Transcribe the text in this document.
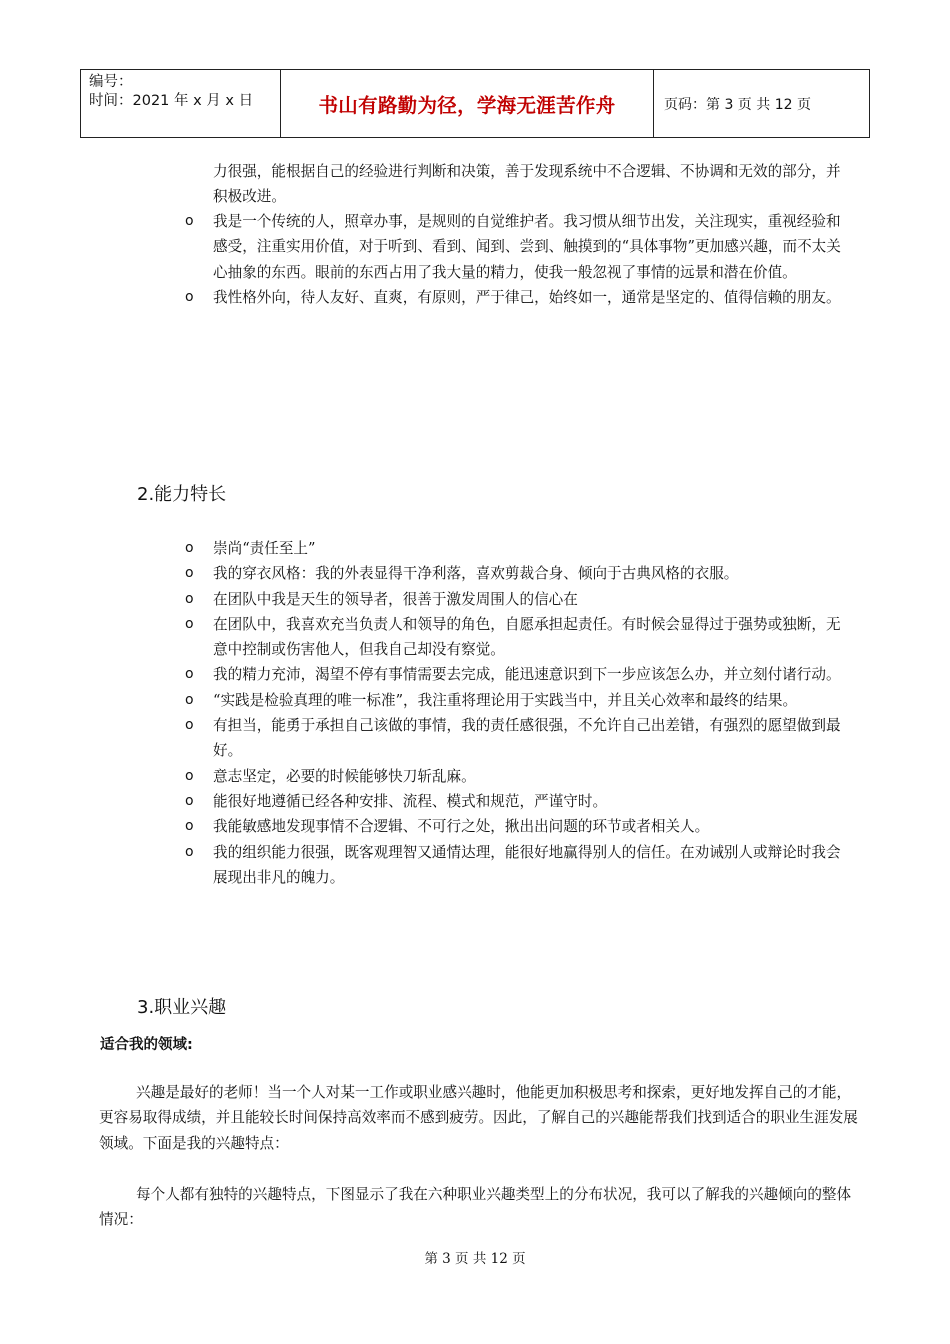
编号：
时间：2021 年 x 月 x 日	书山有路勤为径，学海无涯苦作舟	页码：第 3 页 共 12 页
力很强，能根据自己的经验进行判断和决策，善于发现系统中不合逻辑、不协调和无效的部分，并积极改进。
o 我是一个传统的人，照章办事，是规则的自觉维护者。我习惯从细节出发，关注现实，重视经验和感受，注重实用价值，对于听到、看到、闻到、尝到、触摸到的“具体事物”更加感兴趣，而不太关心抽象的东西。眼前的东西占用了我大量的精力，使我一般忽视了事情的远景和潜在价值。
o 我性格外向，待人友好、直爽，有原则，严于律己，始终如一，通常是坚定的、值得信赖的朋友。
2.能力特长
o 崇尚“责任至上”
o 我的穿衣风格：我的外表显得干净利落，喜欢剪裁合身、倾向于古典风格的衣服。
o 在团队中我是天生的领导者，很善于激发周围人的信心在
o 在团队中，我喜欢充当负责人和领导的角色，自愿承担起责任。有时候会显得过于强势或独断，无意中控制或伤害他人，但我自己却没有察觉。
o 我的精力充沛，渴望不停有事情需要去完成，能迅速意识到下一步应该怎么办，并立刻付诸行动。
o “实践是检验真理的唯一标准”，我注重将理论用于实践当中，并且关心效率和最终的结果。
o 有担当，能勇于承担自己该做的事情，我的责任感很强，不允许自己出差错，有强烈的愿望做到最好。
o 意志坚定，必要的时候能够快刀斩乱麻。
o 能很好地遵循已经各种安排、流程、模式和规范，严谨守时。
o 我能敏感地发现事情不合逻辑、不可行之处，揪出出问题的环节或者相关人。
o 我的组织能力很强，既客观理智又通情达理，能很好地赢得别人的信任。在劝诫别人或辩论时我会展现出非凡的魄力。
3.职业兴趣
适合我的领域:
兴趣是最好的老师！当一个人对某一工作或职业感兴趣时，他能更加积极思考和探索，更好地发挥自己的才能，更容易取得成绩，并且能较长时间保持高效率而不感到疲劳。因此，了解自己的兴趣能帮我们找到适合的职业生涯发展领域。下面是我的兴趣特点：
每个人都有独特的兴趣特点，下图显示了我在六种职业兴趣类型上的分布状况，我可以了解我的兴趣倾向的整体情况：
第 3 页 共 12 页
